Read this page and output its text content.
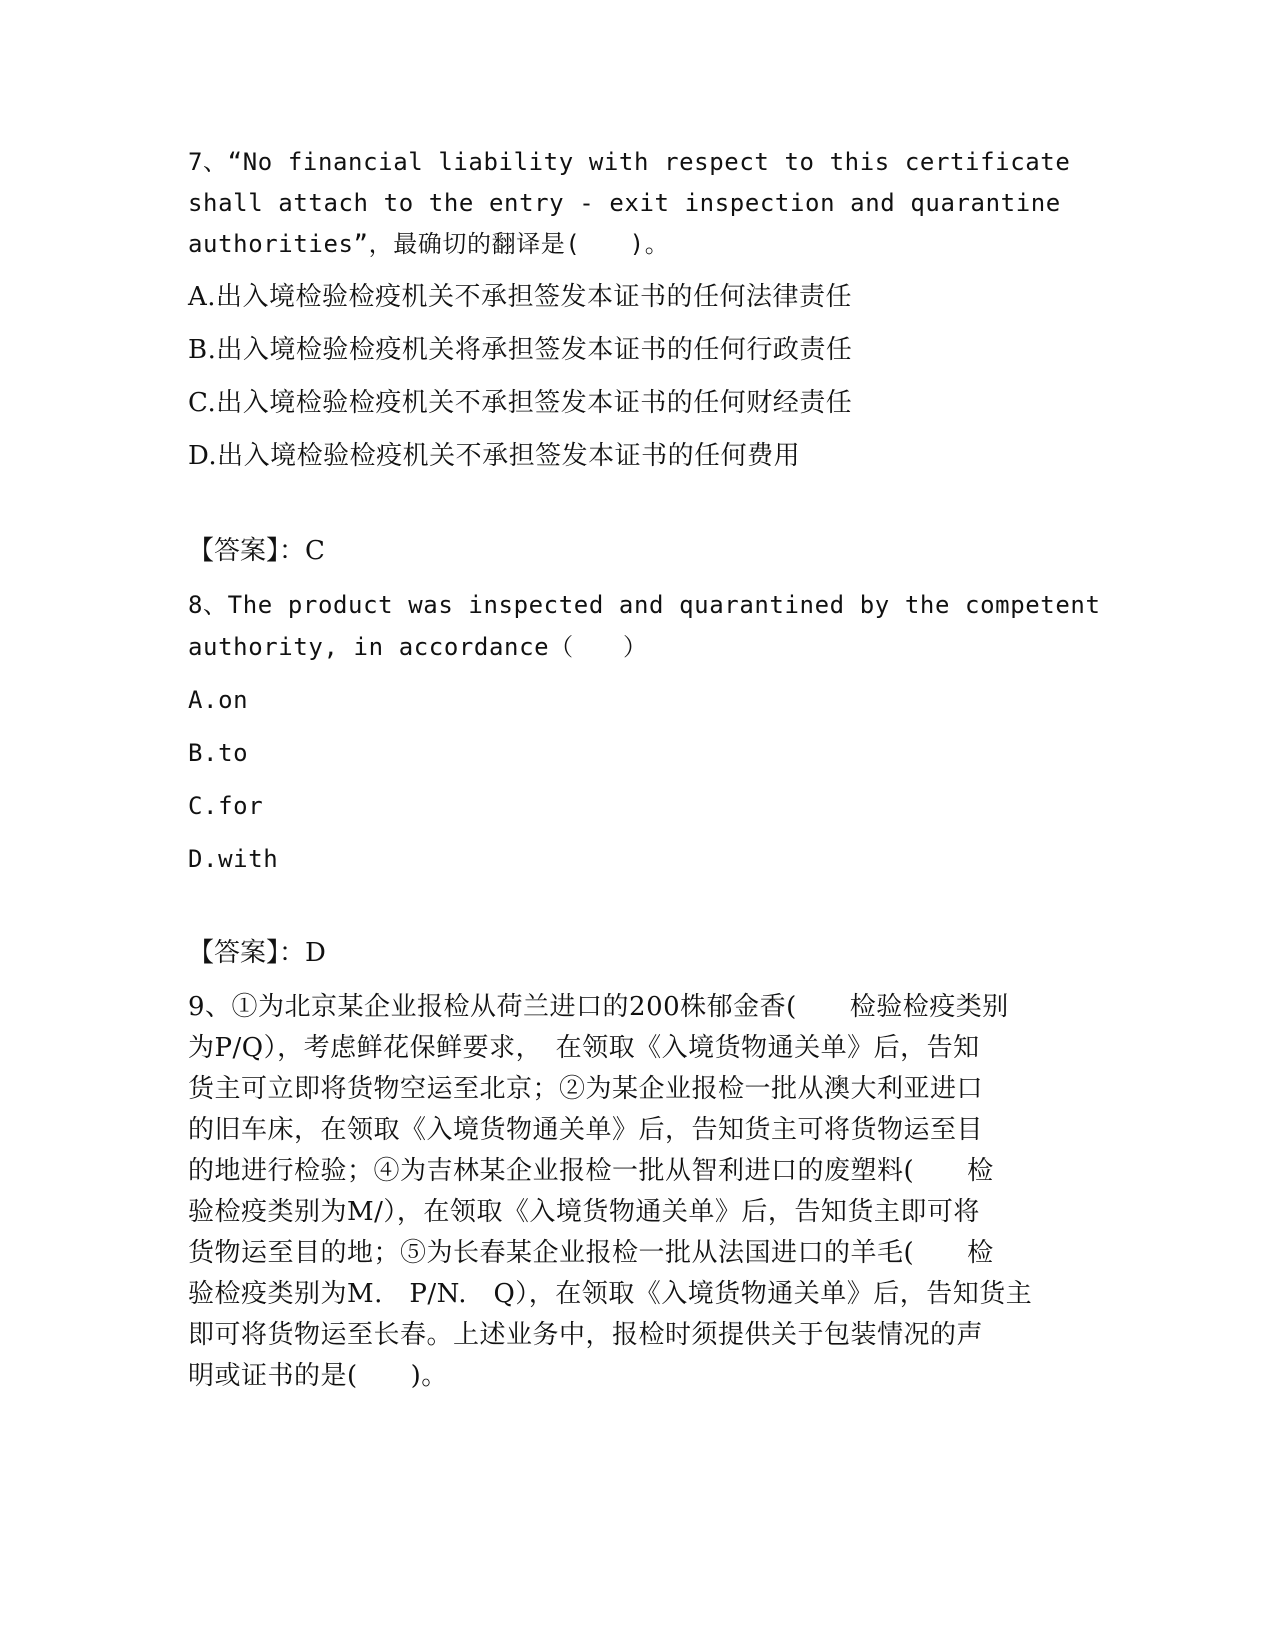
7、“No financial liability with respect to this certificate
shall attach to the entry - exit inspection and quarantine
authorities”，最确切的翻译是(　　)。
A.出入境检验检疫机关不承担签发本证书的任何法律责任
B.出入境检验检疫机关将承担签发本证书的任何行政责任
C.出入境检验检疫机关不承担签发本证书的任何财经责任
D.出入境检验检疫机关不承担签发本证书的任何费用
【答案】：C
8、The product was inspected and quarantined by the competent
authority, in accordance（　　）
A.on
B.to
C.for
D.with
【答案】：D
9、①为北京某企业报检从荷兰进口的200株郁金香(　　检验检疫类别
为P/Q），考虑鲜花保鲜要求，　在领取《入境货物通关单》后，告知
货主可立即将货物空运至北京；②为某企业报检一批从澳大利亚进口
的旧车床，在领取《入境货物通关单》后，告知货主可将货物运至目
的地进行检验；④为吉林某企业报检一批从智利进口的废塑料(　　检
验检疫类别为M/），在领取《入境货物通关单》后，告知货主即可将
货物运至目的地；⑤为长春某企业报检一批从法国进口的羊毛(　　检
验检疫类别为M.　P/N.　Q），在领取《入境货物通关单》后，告知货主
即可将货物运至长春。上述业务中，报检时须提供关于包装情况的声
明或证书的是(　　)。
